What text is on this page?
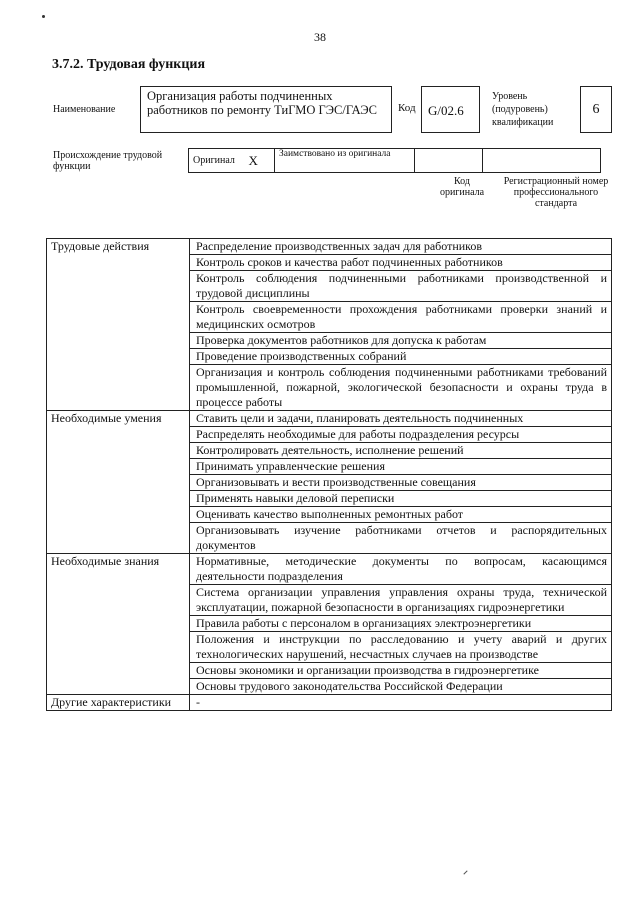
38
3.7.2. Трудовая функция
Наименование
Организация работы подчиненных работников по ремонту ТиГМО ГЭС/ГАЭС	Код G/02.6
Уровень (подуровень) квалификации
6
Происхождение трудовой функции
Оригинал	X	Заимствовано из оригинала		
Код оригинала
Регистрационный номер профессионального стандарта
Трудовые действия	Распределение производственных задач для работников
	Контроль сроков и качества работ подчиненных работников
	Контроль соблюдения подчиненными работниками производственной и трудовой дисциплины
	Контроль своевременности прохождения работниками проверки знаний и медицинских осмотров
	Проверка документов работников для допуска к работам
	Проведение производственных собраний
	Организация и контроль соблюдения подчиненными работниками требований промышленной, пожарной, экологической безопасности и охраны труда в процессе работы
Необходимые умения	Ставить цели и задачи, планировать деятельность подчиненных
	Распределять необходимые для работы подразделения ресурсы
	Контролировать деятельность, исполнение решений
	Принимать управленческие решения
	Организовывать и вести производственные совещания
	Применять навыки деловой переписки
	Оценивать качество выполненных ремонтных работ
	Организовывать изучение работниками отчетов и распорядительных документов
Необходимые знания	Нормативные, методические документы по вопросам, касающимся деятельности подразделения
	Система организации управления управления охраны труда, технической эксплуатации, пожарной безопасности в организациях гидроэнергетики
	Правила работы с персоналом в организациях электроэнергетики
	Положения и инструкции по расследованию и учету аварий и других технологических нарушений, несчастных случаев на производстве
	Основы экономики и организации производства в гидроэнергетике
	Основы трудового законодательства Российской Федерации
Другие характеристики	-
